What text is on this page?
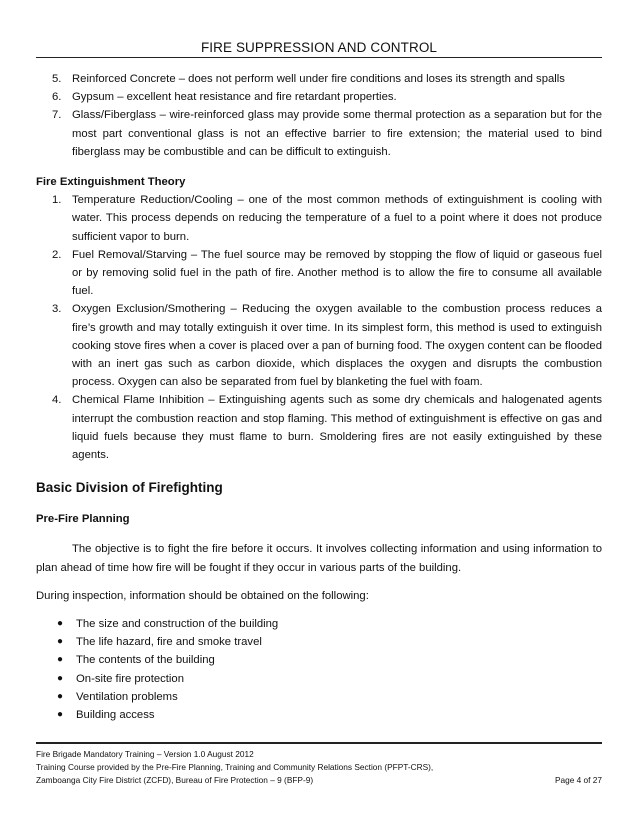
FIRE SUPPRESSION AND CONTROL
5. Reinforced Concrete – does not perform well under fire conditions and loses its strength and spalls
6. Gypsum – excellent heat resistance and fire retardant properties.
7. Glass/Fiberglass – wire-reinforced glass may provide some thermal protection as a separation but for the most part conventional glass is not an effective barrier to fire extension; the material used to bind fiberglass may be combustible and can be difficult to extinguish.
Fire Extinguishment Theory
1. Temperature Reduction/Cooling – one of the most common methods of extinguishment is cooling with water. This process depends on reducing the temperature of a fuel to a point where it does not produce sufficient vapor to burn.
2. Fuel Removal/Starving – The fuel source may be removed by stopping the flow of liquid or gaseous fuel or by removing solid fuel in the path of fire. Another method is to allow the fire to consume all available fuel.
3. Oxygen Exclusion/Smothering – Reducing the oxygen available to the combustion process reduces a fire’s growth and may totally extinguish it over time. In its simplest form, this method is used to extinguish cooking stove fires when a cover is placed over a pan of burning food. The oxygen content can be flooded with an inert gas such as carbon dioxide, which displaces the oxygen and disrupts the combustion process. Oxygen can also be separated from fuel by blanketing the fuel with foam.
4. Chemical Flame Inhibition – Extinguishing agents such as some dry chemicals and halogenated agents interrupt the combustion reaction and stop flaming. This method of extinguishment is effective on gas and liquid fuels because they must flame to burn. Smoldering fires are not easily extinguished by these agents.
Basic Division of Firefighting
Pre-Fire Planning

The objective is to fight the fire before it occurs. It involves collecting information and using information to plan ahead of time how fire will be fought if they occur in various parts of the building.

During inspection, information should be obtained on the following:

● The size and construction of the building
● The life hazard, fire and smoke travel
● The contents of the building
● On-site fire protection
● Ventilation problems
● Building access
Fire Brigade Mandatory Training – Version 1.0 August 2012
Training Course provided by the Pre-Fire Planning, Training and Community Relations Section (PFPT-CRS),
Zamboanga City Fire District (ZCFD), Bureau of Fire Protection – 9 (BFP-9)	Page 4 of 27
